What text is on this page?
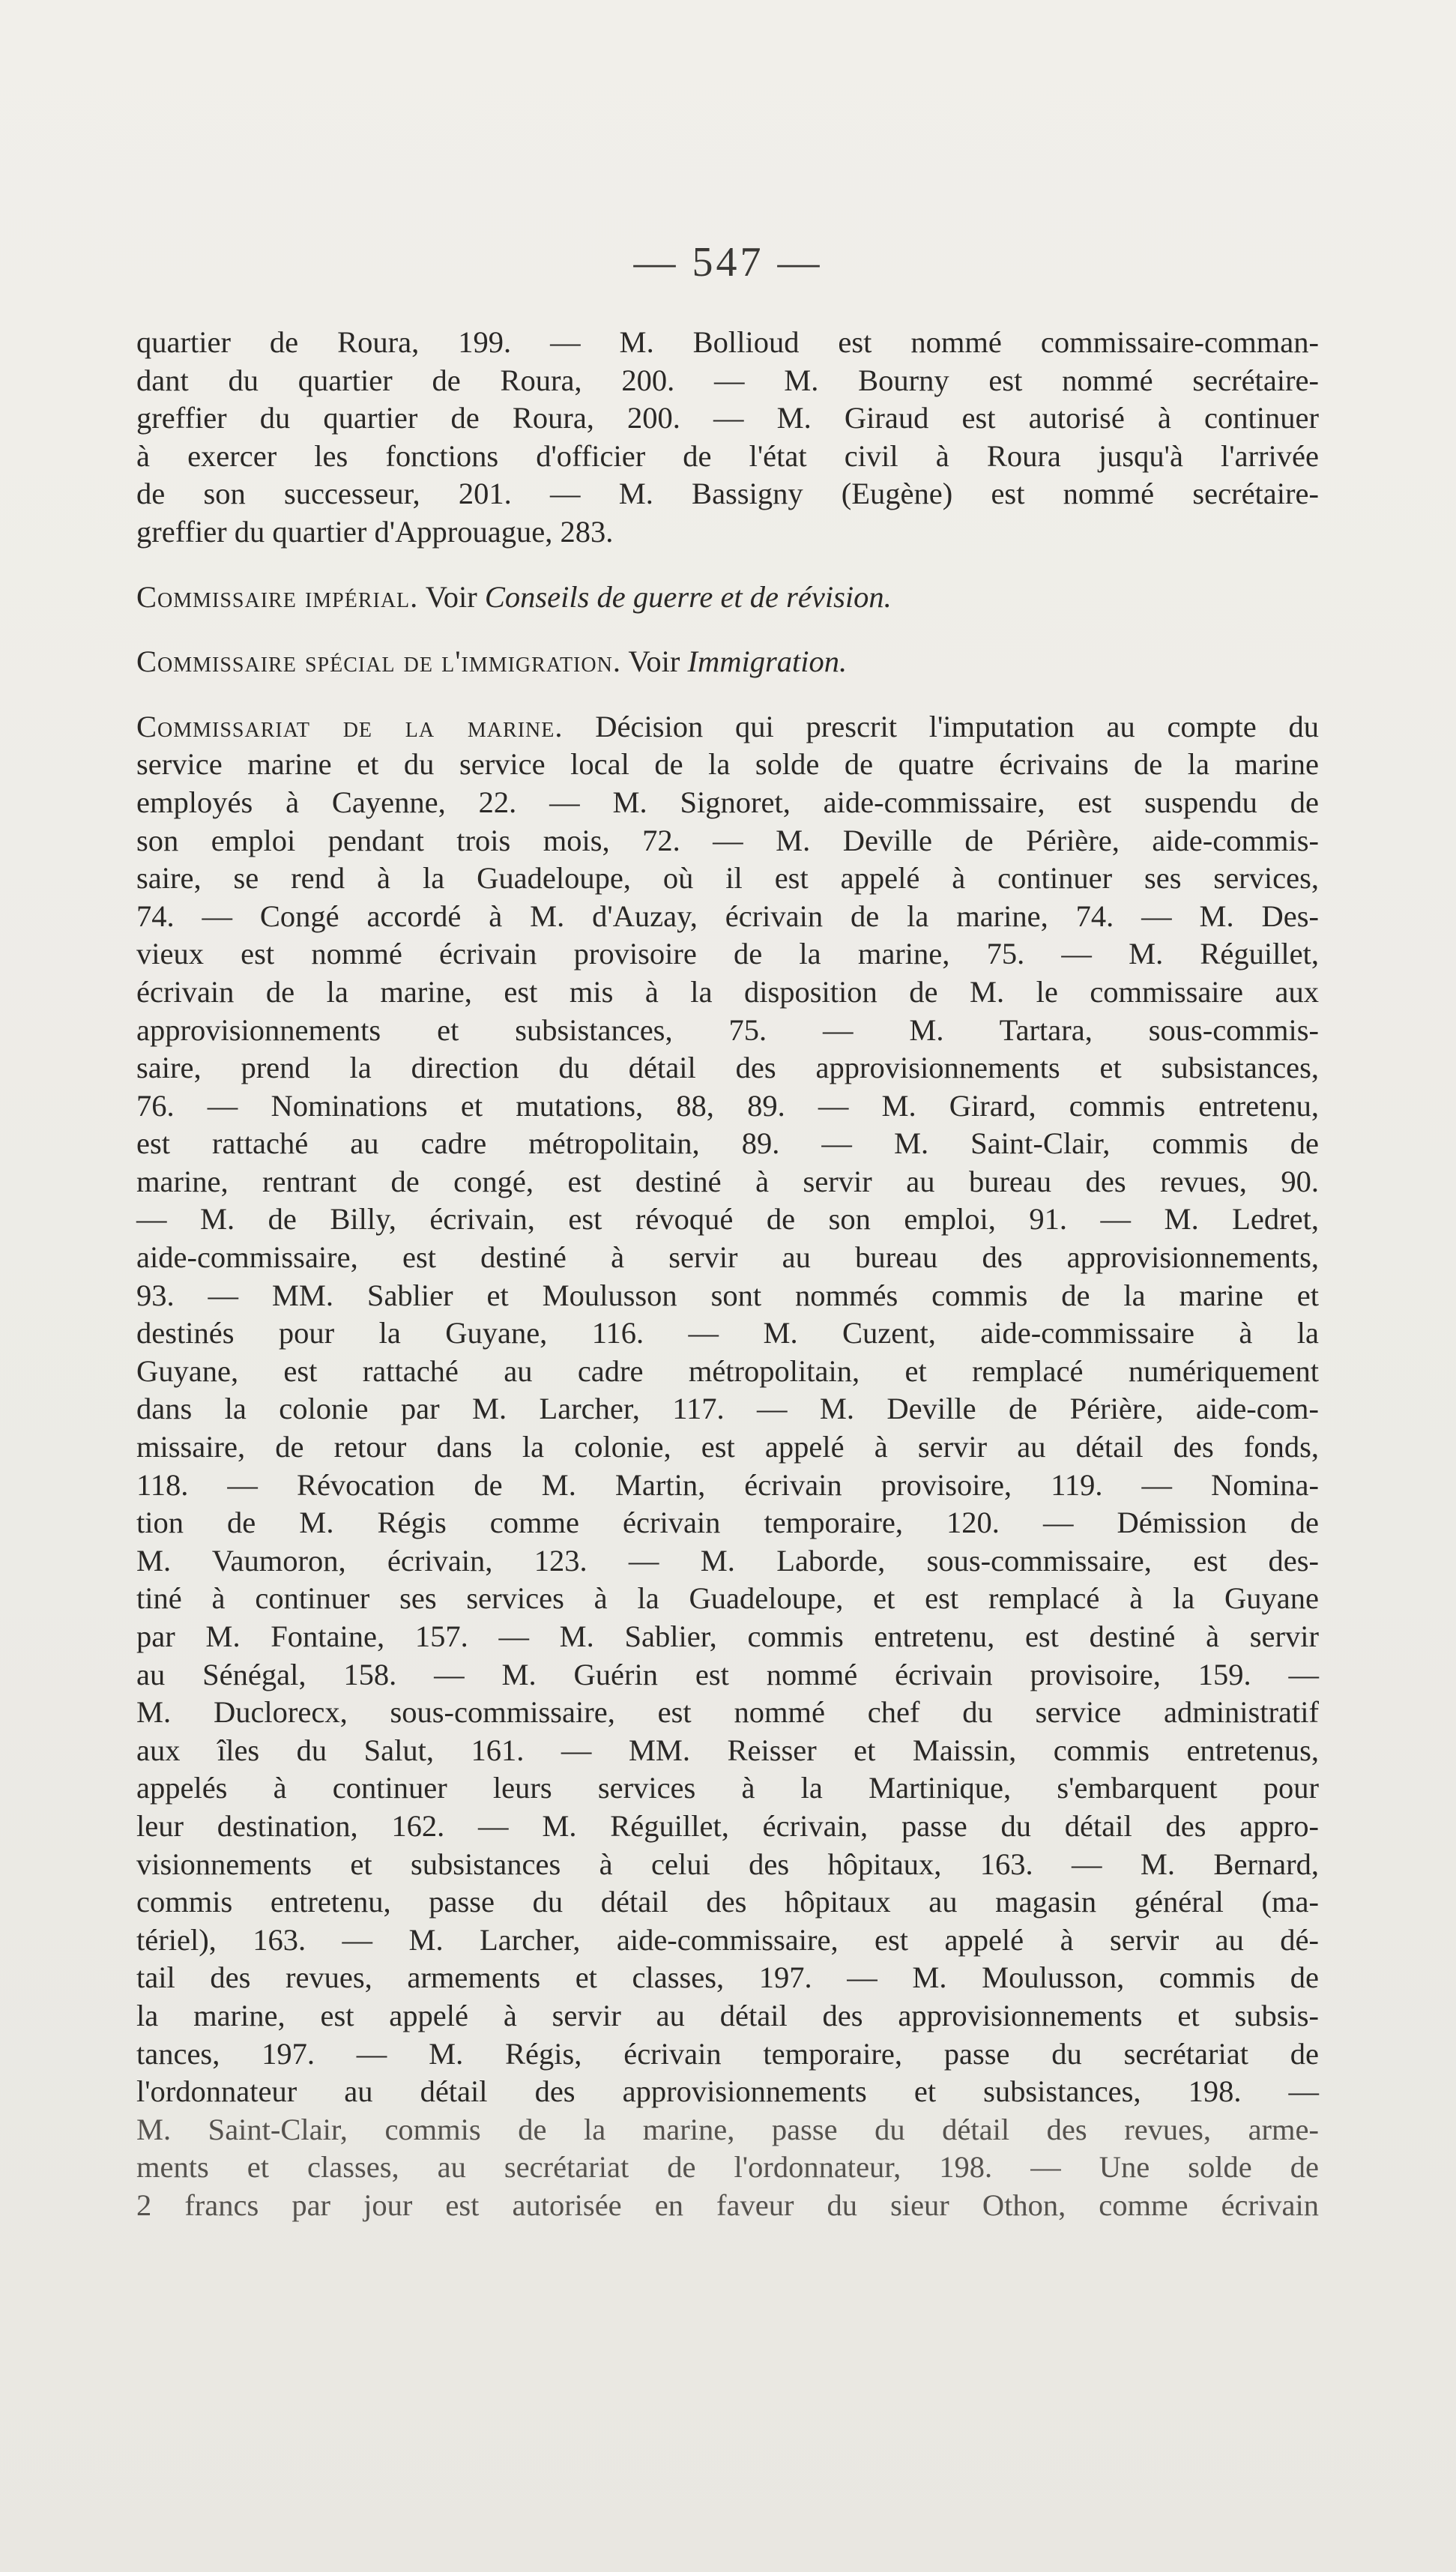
— 547 —
quartier de Roura, 199. — M. Bollioud est nommé commissaire-comman-
dant du quartier de Roura, 200. — M. Bourny est nommé secrétaire-
greffier du quartier de Roura, 200. — M. Giraud est autorisé à continuer
à exercer les fonctions d'officier de l'état civil à Roura jusqu'à l'arrivée
de son successeur, 201. — M. Bassigny (Eugène) est nommé secrétaire-
greffier du quartier d'Approuague, 283.
Commissaire impérial. Voir Conseils de guerre et de révision.
Commissaire spécial de l'immigration. Voir Immigration.
Commissariat de la marine. Décision qui prescrit l'imputation au compte du
service marine et du service local de la solde de quatre écrivains de la marine
employés à Cayenne, 22. — M. Signoret, aide-commissaire, est suspendu de
son emploi pendant trois mois, 72. — M. Deville de Périère, aide-commis-
saire, se rend à la Guadeloupe, où il est appelé à continuer ses services,
74. — Congé accordé à M. d'Auzay, écrivain de la marine, 74. — M. Des-
vieux est nommé écrivain provisoire de la marine, 75. — M. Réguillet,
écrivain de la marine, est mis à la disposition de M. le commissaire aux
approvisionnements et subsistances, 75. — M. Tartara, sous-commis-
saire, prend la direction du détail des approvisionnements et subsistances,
76. — Nominations et mutations, 88, 89. — M. Girard, commis entretenu,
est rattaché au cadre métropolitain, 89. — M. Saint-Clair, commis de
marine, rentrant de congé, est destiné à servir au bureau des revues, 90.
— M. de Billy, écrivain, est révoqué de son emploi, 91. — M. Ledret,
aide-commissaire, est destiné à servir au bureau des approvisionnements,
93. — MM. Sablier et Moulusson sont nommés commis de la marine et
destinés pour la Guyane, 116. — M. Cuzent, aide-commissaire à la
Guyane, est rattaché au cadre métropolitain, et remplacé numériquement
dans la colonie par M. Larcher, 117. — M. Deville de Périère, aide-com-
missaire, de retour dans la colonie, est appelé à servir au détail des fonds,
118. — Révocation de M. Martin, écrivain provisoire, 119. — Nomina-
tion de M. Régis comme écrivain temporaire, 120. — Démission de
M. Vaumoron, écrivain, 123. — M. Laborde, sous-commissaire, est des-
tiné à continuer ses services à la Guadeloupe, et est remplacé à la Guyane
par M. Fontaine, 157. — M. Sablier, commis entretenu, est destiné à servir
au Sénégal, 158. — M. Guérin est nommé écrivain provisoire, 159. —
M. Duclorecx, sous-commissaire, est nommé chef du service administratif
aux îles du Salut, 161. — MM. Reisser et Maissin, commis entretenus,
appelés à continuer leurs services à la Martinique, s'embarquent pour
leur destination, 162. — M. Réguillet, écrivain, passe du détail des appro-
visionnements et subsistances à celui des hôpitaux, 163. — M. Bernard,
commis entretenu, passe du détail des hôpitaux au magasin général (ma-
tériel), 163. — M. Larcher, aide-commissaire, est appelé à servir au dé-
tail des revues, armements et classes, 197. — M. Moulusson, commis de
la marine, est appelé à servir au détail des approvisionnements et subsis-
tances, 197. — M. Régis, écrivain temporaire, passe du secrétariat de
l'ordonnateur au détail des approvisionnements et subsistances, 198. —
M. Saint-Clair, commis de la marine, passe du détail des revues, arme-
ments et classes, au secrétariat de l'ordonnateur, 198. — Une solde de
2 francs par jour est autorisée en faveur du sieur Othon, comme écrivain
